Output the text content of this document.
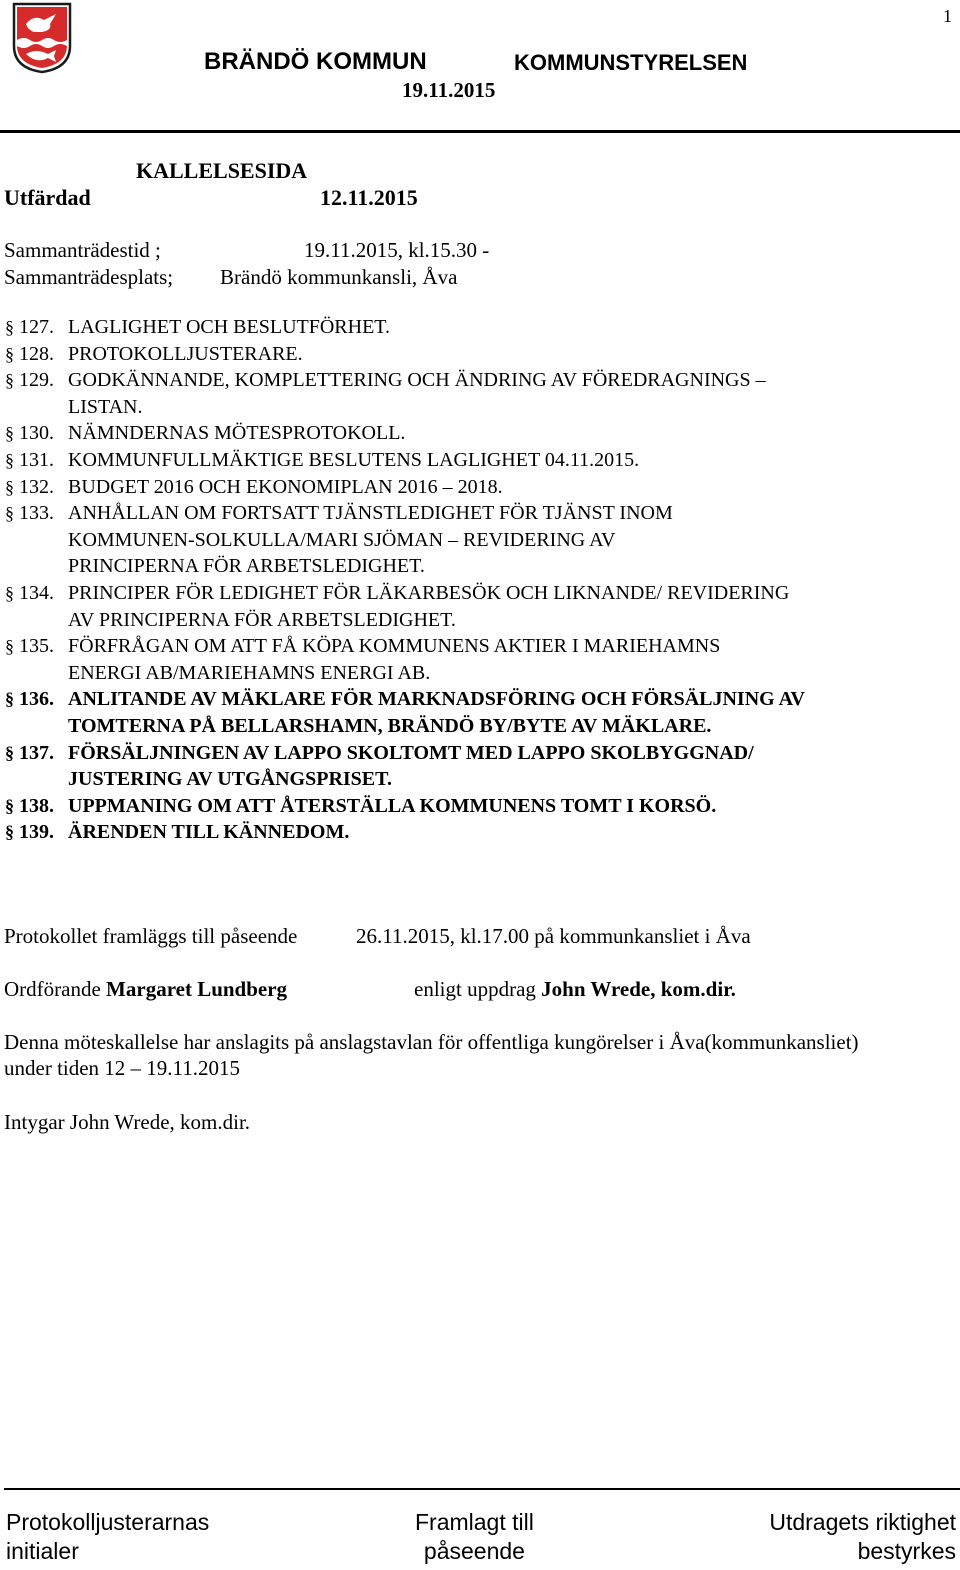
1
BRÄNDÖ KOMMUN	KOMMUNSTYRELSEN
19.11.2015
KALLELSESIDA
Utfärdad	12.11.2015
Sammanträdestid ;	19.11.2015, kl.15.30 -
Sammanträdesplats; Brändö kommunkansli, Åva
§ 127. LAGLIGHET OCH BESLUTFÖRHET.
§ 128. PROTOKOLLJUSTERARE.
§ 129. GODKÄNNANDE, KOMPLETTERING OCH ÄNDRING AV FÖREDRAGNINGS –
LISTAN.
§ 130. NÄMNDERNAS MÖTESPROTOKOLL.
§ 131. KOMMUNFULLMÄKTIGE BESLUTENS LAGLIGHET 04.11.2015.
§ 132. BUDGET 2016 OCH EKONOMIPLAN 2016 – 2018.
§ 133. ANHÅLLAN OM FORTSATT TJÄNSTLEDIGHET FÖR TJÄNST INOM
KOMMUNEN-SOLKULLA/MARI SJÖMAN – REVIDERING AV
PRINCIPERNA FÖR ARBETSLEDIGHET.
§ 134. PRINCIPER FÖR LEDIGHET FÖR LÄKARBESÖK OCH LIKNANDE/ REVIDERING
AV PRINCIPERNA FÖR ARBETSLEDIGHET.
§ 135. FÖRFRÅGAN OM ATT FÅ KÖPA KOMMUNENS AKTIER I MARIEHAMNS
ENERGI AB/MARIEHAMNS ENERGI AB.
§ 136. ANLITANDE AV MÄKLARE FÖR MARKNADSFÖRING OCH FÖRSÄLJNING AV
TOMTERNA PÅ BELLARSHAMN, BRÄNDÖ BY/BYTE AV MÄKLARE.
§ 137. FÖRSÄLJNINGEN AV LAPPO SKOLTOMT MED LAPPO SKOLBYGGNAD/
JUSTERING AV UTGÅNGSPRISET.
§ 138. UPPMANING OM ATT ÅTERSTÄLLA KOMMUNENS TOMT I KORSÖ.
§ 139. ÄRENDEN TILL KÄNNEDOM.
Protokollet framläggs till påseende	26.11.2015, kl.17.00 på kommunkansliet i Åva
Ordförande Margaret Lundberg	enligt uppdrag John Wrede, kom.dir.
Denna möteskallelse har anslagits på anslagstavlan för offentliga kungörelser i Åva(kommunkansliet)
under tiden 12 – 19.11.2015
Intygar John Wrede, kom.dir.
Protokolljusterarnas
initialer
Framlagt till
påseende
Utdragets riktighet
bestyrkes
